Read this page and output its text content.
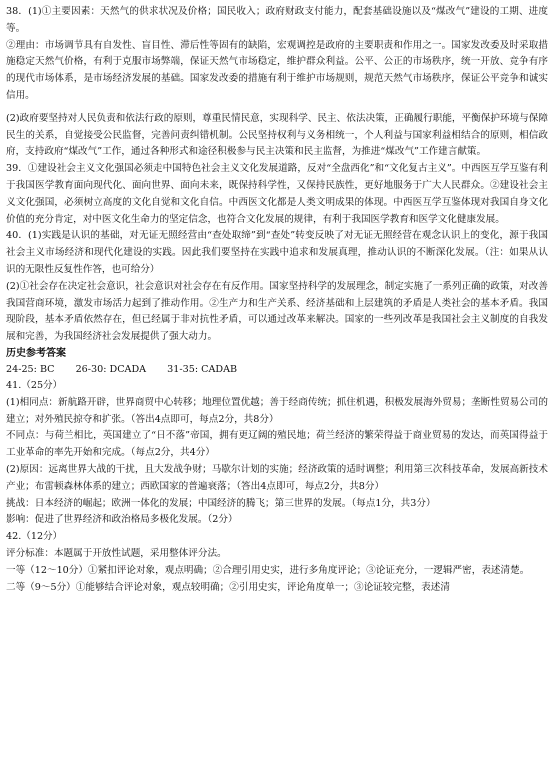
38．(1)①主要因素：天然气的供求状况及价格；国民收入；政府财政支付能力，配套基础设施以及“煤改气”建设的工期、进度等。

②理由：市场调节具有自发性、盲目性、滞后性等固有的缺陷，宏观调控是政府的主要职责和作用之一。国家发改委及时采取措施稳定天然气价格，有利于克服市场弊端，保证天然气市场稳定，维护群众利益。公平、公正的市场秩序，统一开放、竞争有序的现代市场体系，是市场经济发展的基础。国家发改委的措施有利于维护市场规则，规范天然气市场秩序，保证公平竞争和诚实信用。

(2)政府要坚持对人民负责和依法行政的原则，尊重民情民意，实现科学、民主、依法决策，正确履行职能，平衡保护环境与保障民生的关系，自觉接受公民监督，完善问责纠错机制。公民坚持权利与义务相统一，个人利益与国家利益相结合的原则，相信政府，支持政府“煤改气”工作，通过各种形式和途径积极参与民主决策和民主监督，为推进“煤改气”工作建言献策。

39．①建设社会主义文化强国必须走中国特色社会主义文化发展道路，反对“全盘西化”和“文化复古主义”。中西医互学互鉴有利于我国医学教育面向现代化、面向世界、面向未来，既保持科学性，又保持民族性，更好地服务于广大人民群众。②建设社会主义文化强国，必须树立高度的文化自觉和文化自信。中西医文化都是人类文明成果的体现。中西医互学互鉴体现对我国自身文化价值的充分肯定，对中医文化生命力的坚定信念，也符合文化发展的规律，有利于我国医学教育和医学文化健康发展。

40．(1)实践是认识的基础，对无证无照经营由“查处取缔”到“查处”转变反映了对无证无照经营在观念认识上的变化，源于我国社会主义市场经济和现代化建设的实践。因此我们要坚持在实践中追求和发展真理，推动认识的不断深化发展。（注：如果从认识的无限性反复性作答，也可给分）

(2)①社会存在决定社会意识，社会意识对社会存在有反作用。国家坚持科学的发展理念，制定实施了一系列正确的政策，对改善我国营商环境，激发市场活力起到了推动作用。②生产力和生产关系、经济基础和上层建筑的矛盾是人类社会的基本矛盾。我国现阶段，基本矛盾依然存在，但已经属于非对抗性矛盾，可以通过改革来解决。国家的一些列改革是我国社会主义制度的自我发展和完善，为我国经济社会发展提供了强大动力。

历史参考答案

24-25: BC 26-30: DCADA 31-35: CADAB

41.（25分）

(1)相同点：新航路开辟，世界商贸中心转移；地理位置优越；善于经商传统；抓住机遇，积极发展海外贸易；垄断性贸易公司的建立；对外殖民掠夺和扩张。（答出4点即可，每点2分，共8分）

不同点：与荷兰相比，英国建立了“日不落”帝国，拥有更辽阔的殖民地；荷兰经济的繁荣得益于商业贸易的发达，而英国得益于工业革命的率先开始和完成。（每点2分，共4分）

(2)原因：远离世界大战的干扰，且大发战争财；马歇尔计划的实施；经济政策的适时调整；利用第三次科技革命，发展高新技术产业；布雷顿森林体系的建立；西欧国家的普遍衰落；（答出4点即可，每点2分，共8分）

挑战：日本经济的崛起；欧洲一体化的发展；中国经济的腾飞；第三世界的发展。（每点1分，共3分）

影响：促进了世界经济和政治格局多极化发展。（2分）

42.（12分）

评分标准：本题属于开放性试题，采用整体评分法。

一等（12～10分）①紧扣评论对象，观点明确；②合理引用史实，进行多角度评论；③论证充分，一逻辑严密，表述清楚。

二等（9～5分）①能够结合评论对象，观点较明确；②引用史实，评论角度单一；③论证较完整，表述清
